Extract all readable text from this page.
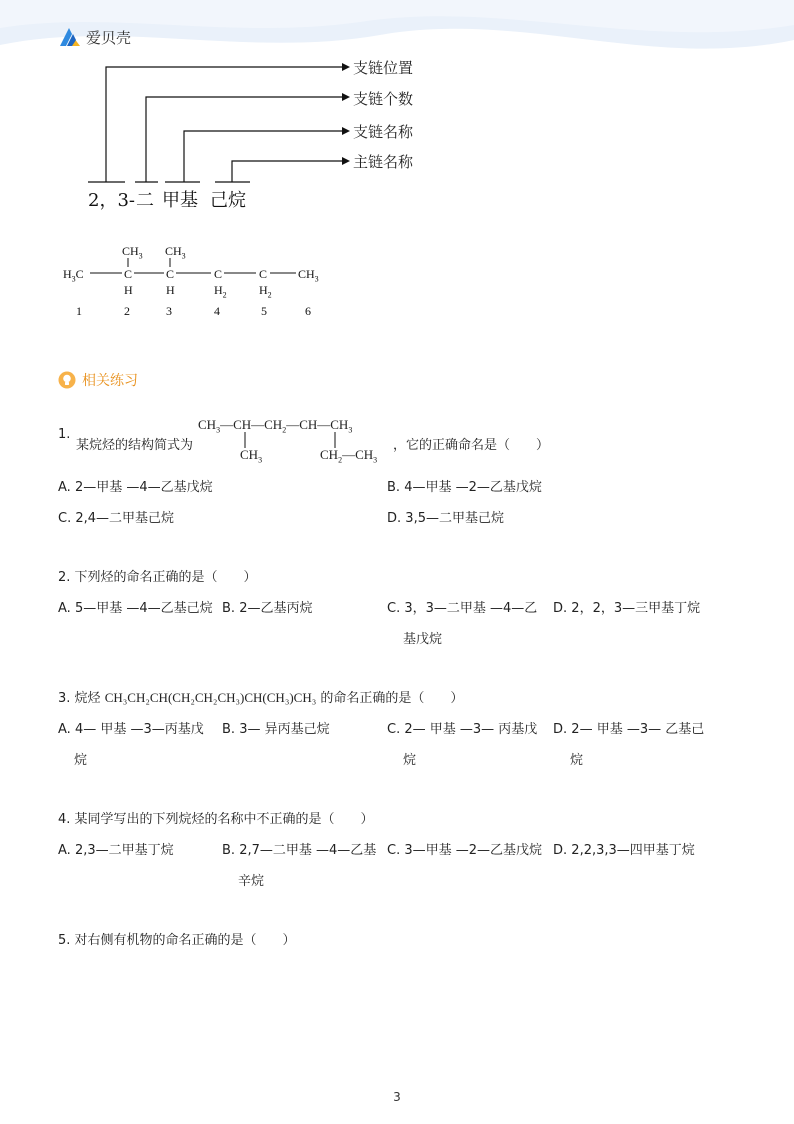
爱贝壳
支链位置
支链个数
支链名称
主链名称
2，3- 二 甲基 己烷
$CH_3$ $CH_3$
$H_3C$	C	C	C	C	$CH_3$
H	H	$H_2$	$H_2$
1	2	3	4	5	6
相关练习
1.
某烷烃的结构简式为
$CH_3—CH—CH_2—CH—CH_3$
$CH_3$	$CH_2—CH_3$
，它的正确命名是（　　）
A. 2—甲基 —4—乙基戊烷	B. 4—甲基 —2—乙基戊烷
C. 2,4—二甲基己烷	D. 3,5—二甲基己烷
2. 下列烃的命名正确的是（　　）
A. 5—甲基 —4—乙基己烷 B. 2—乙基丙烷	C. 3，3—二甲基 —4—乙
基戊烷
D. 2，2，3—三甲基丁烷
3. 烷烃 CH₃CH₂CH(CH₂CH₂CH₃)CH(CH₃)CH₃ 的命名正确的是（　　）
A. 4— 甲基 —3—丙基戊
烷
B. 3— 异丙基己烷	C. 2— 甲基 —3— 丙基戊
烷
D. 2— 甲基 —3— 乙基己
烷
4. 某同学写出的下列烷烃的名称中不正确的是（　　）
A. 2,3—二甲基丁烷	B. 2,7—二甲基 —4—乙基
辛烷
C. 3—甲基 —2—乙基戊烷 D. 2,2,3,3—四甲基丁烷
5. 对右侧有机物的命名正确的是（　　）
3
